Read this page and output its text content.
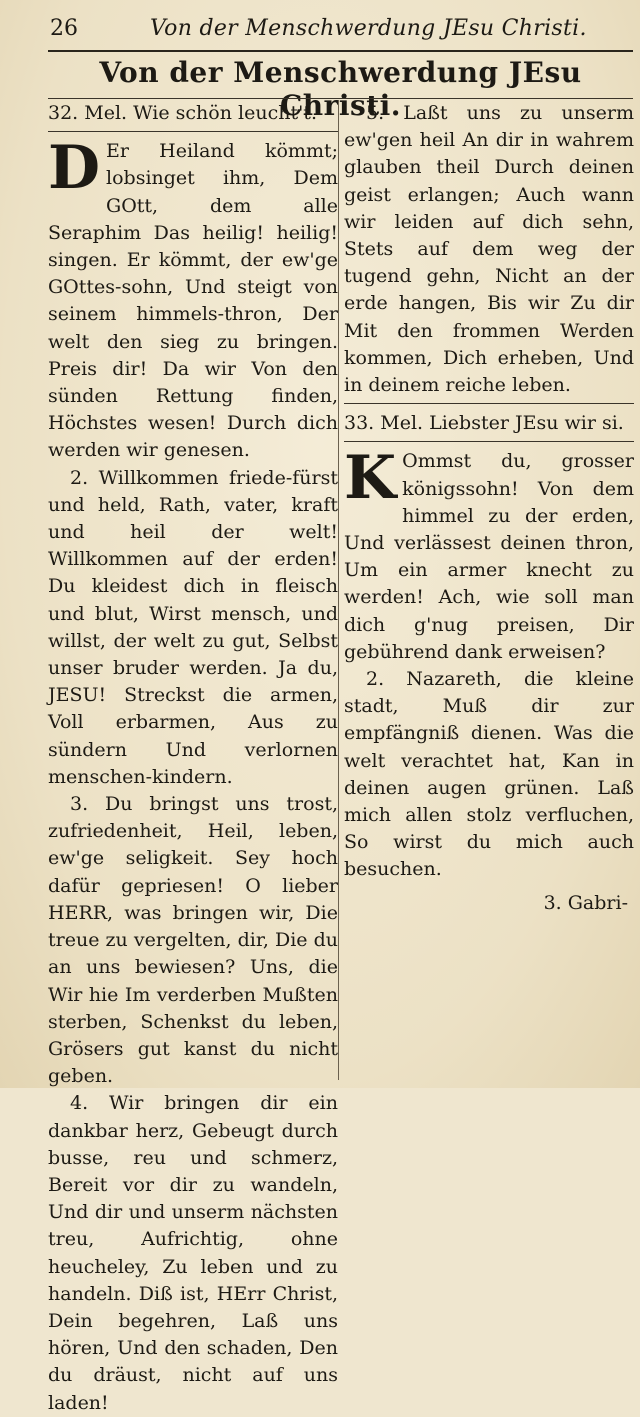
26	Von der Menschwerdung JEsu Christi.
Von der Menschwerdung JEsu Christi.
32. Mel. Wie schön leucht't.

D Er Heiland kömmt; lobsinget ihm, Dem GOtt, dem alle Seraphim Das heilig! heilig! singen. Er kömmt, der ew'ge GOttes-sohn, Und steigt von seinem himmels-thron, Der welt den sieg zu bringen. Preis dir! Da wir Von den sünden Rettung finden, Höchstes wesen! Durch dich werden wir genesen.

2. Willkommen friede-fürst und held, Rath, vater, kraft und heil der welt! Willkommen auf der erden! Du kleidest dich in fleisch und blut, Wirst mensch, und willst, der welt zu gut, Selbst unser bruder werden. Ja du, JESU! Streckst die armen, Voll erbarmen, Aus zu sündern Und verlornen menschen-kindern.

3. Du bringst uns trost, zufriedenheit, Heil, leben, ew'ge seligkeit. Sey hoch dafür gepriesen! O lieber HERR, was bringen wir, Die treue zu vergelten, dir, Die du an uns bewiesen? Uns, die Wir hie Im verderben Mußten sterben, Schenkst du leben, Grösers gut kanst du nicht geben.

4. Wir bringen dir ein dankbar herz, Gebeugt durch busse, reu und schmerz, Bereit vor dir zu wandeln, Und dir und unserm nächsten treu, Aufrichtig, ohne heucheley, Zu leben und zu handeln. Diß ist, HErr Christ, Dein begehren, Laß uns hören, Und den schaden, Den du dräust, nicht auf uns laden!

5. Laßt uns zu unserm ew'gen heil An dir in wahrem glauben theil Durch deinen geist erlangen; Auch wann wir leiden auf dich sehn, Stets auf dem weg der tugend gehn, Nicht an der erde hangen, Bis wir Zu dir Mit den frommen Werden kommen, Dich erheben, Und in deinem reiche leben.

33. Mel. Liebster JEsu wir si.

K Ommst du, grosser königssohn! Von dem himmel zu der erden, Und verlässest deinen thron, Um ein armer knecht zu werden! Ach, wie soll man dich g'nug preisen, Dir gebührend dank erweisen?

2. Nazareth, die kleine stadt, Muß dir zur empfängniß dienen. Was die welt verachtet hat, Kan in deinen augen grünen. Laß mich allen stolz verfluchen, So wirst du mich auch besuchen.

3. Gabri-
